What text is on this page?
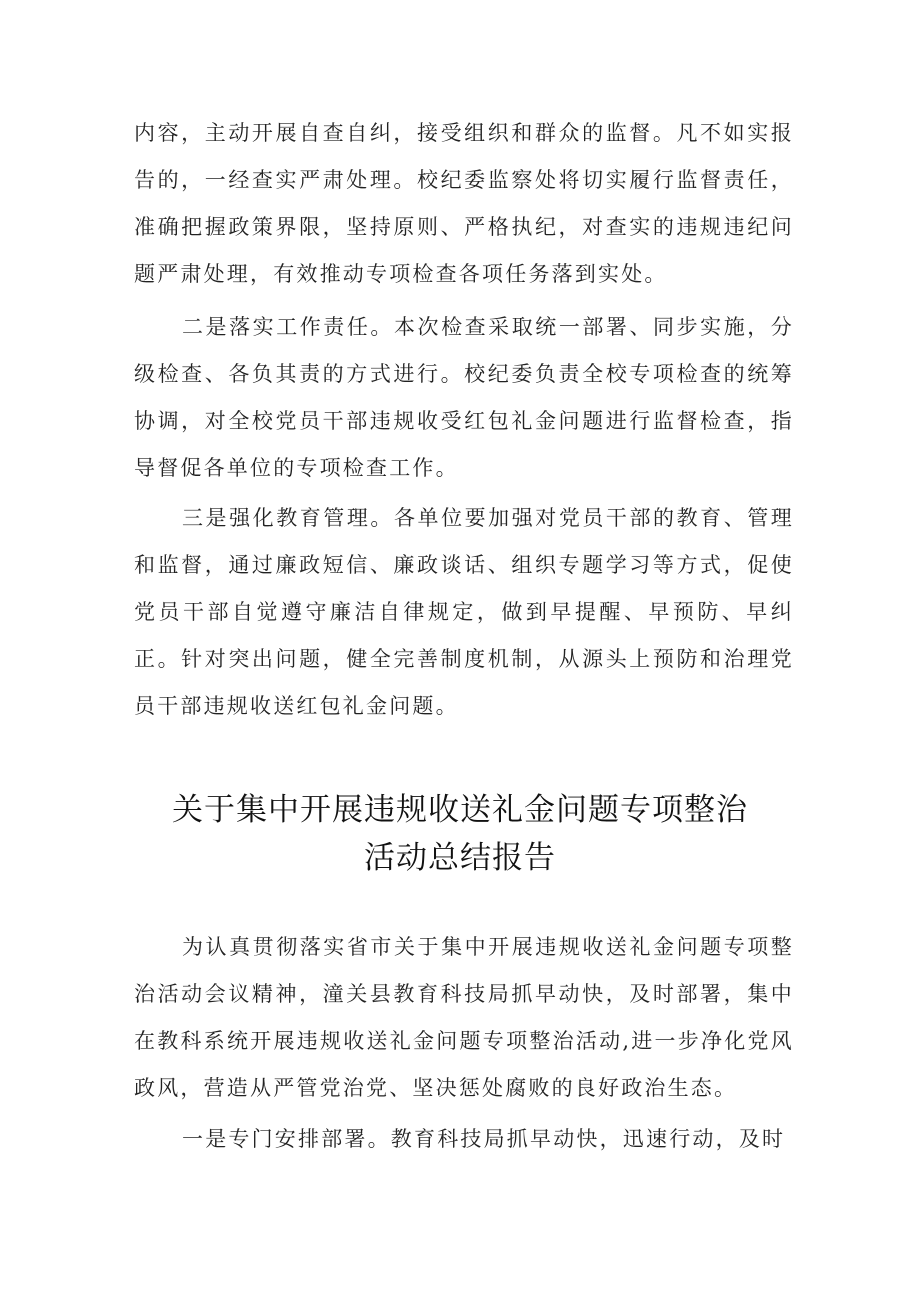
内容，主动开展自查自纠，接受组织和群众的监督。凡不如实报告的，一经查实严肃处理。校纪委监察处将切实履行监督责任，准确把握政策界限，坚持原则、严格执纪，对查实的违规违纪问题严肃处理，有效推动专项检查各项任务落到实处。

二是落实工作责任。本次检查采取统一部署、同步实施，分级检查、各负其责的方式进行。校纪委负责全校专项检查的统筹协调，对全校党员干部违规收受红包礼金问题进行监督检查，指导督促各单位的专项检查工作。

三是强化教育管理。各单位要加强对党员干部的教育、管理和监督，通过廉政短信、廉政谈话、组织专题学习等方式，促使党员干部自觉遵守廉洁自律规定，做到早提醒、早预防、早纠正。针对突出问题，健全完善制度机制，从源头上预防和治理党员干部违规收送红包礼金问题。

关于集中开展违规收送礼金问题专项整治
活动总结报告

为认真贯彻落实省市关于集中开展违规收送礼金问题专项整治活动会议精神，潼关县教育科技局抓早动快，及时部署，集中在教科系统开展违规收送礼金问题专项整治活动,进一步净化党风政风，营造从严管党治党、坚决惩处腐败的良好政治生态。

一是专门安排部署。教育科技局抓早动快，迅速行动，及时
